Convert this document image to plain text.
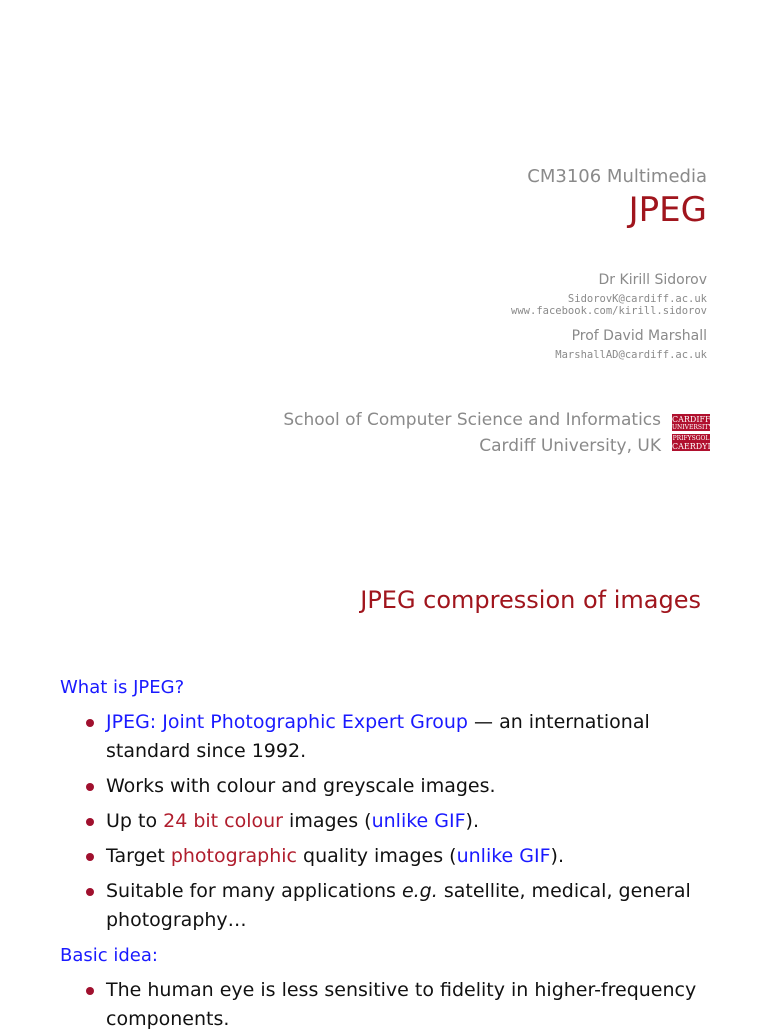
CM3106 Multimedia
JPEG
Dr Kirill Sidorov
SidorovK@cardiff.ac.uk
www.facebook.com/kirill.sidorov
Prof David Marshall
MarshallAD@cardiff.ac.uk
School of Computer Science and Informatics
Cardiff University, UK
CARDIFF
UNIVERSITY
PRIFYSGOL
CAERDYD
JPEG compression of images
What is JPEG?
JPEG: Joint Photographic Expert Group — an international standard since 1992.
Works with colour and greyscale images.
Up to 24 bit colour images (unlike GIF).
Target photographic quality images (unlike GIF).
Suitable for many applications e.g. satellite, medical, general photography…
Basic idea:
The human eye is less sensitive to fidelity in higher-frequency components.
